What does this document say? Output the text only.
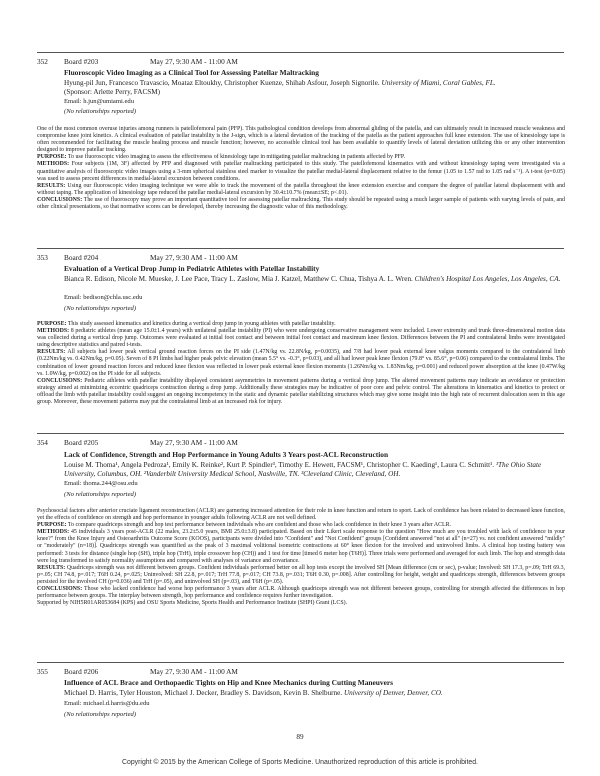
352 Board #203	May 27, 9:30 AM - 11:00 AM
Fluoroscopic Video Imaging as a Clinical Tool for Assessing Patellar Maltracking
Hyung-pil Jun, Francesco Travascio, Moataz Eltoukhy, Christopher Kuenze, Shihab Asfour, Joseph Signorile. University of Miami, Coral Gables, FL.
(Sponsor: Arlette Perry, FACSM)
Email: h.jun@umiami.edu
(No relationships reported)

One of the most common overuse injuries among runners is patellofemoral pain (PFP). This pathological condition develops from abnormal gliding of the patella, and can ultimately result in increased muscle weakness and compromise knee joint kinetics. A clinical evaluation of patellar instability is the J-sign, which is a lateral deviation of the tracking of the patella as the patient approaches full knee extension. The use of kinesiology tape is often recommended for facilitating the muscle healing process and muscle function; however, no accessible clinical tool has been available to quantify levels of lateral deviation utilizing this or any other intervention designed to improve patellar tracking.

PURPOSE: To use fluoroscopic video imaging to assess the effectiveness of kinesiology tape in mitigating patellar maltracking in patients affected by PFP.

METHODS: Four subjects (1M, 3F) affected by PFP and diagnosed with patellar maltracking participated to this study. The patellofemoral kinematics with and without kinesiology taping were investigated via a quantitative analysis of fluoroscopic video images using a 3-mm spherical stainless steel marker to visualize the patellar medial-lateral displacement relative to the femur (1.05 to 1.57 rad to 1.05 rad s⁻¹). A t-test (α=0.05) was used to assess percent differences in medial-lateral excursion between conditions.

RESULTS: Using our fluoroscopic video imaging technique we were able to track the movement of the patella throughout the knee extension exercise and compare the degree of patellar lateral displacement with and without taping. The application of kinesiology tape reduced the patellar medial-lateral excursion by 30.4±10.7% (mean±SE; p<.01).

CONCLUSIONS: The use of fluoroscopy may prove an important quantitative tool for assessing patellar maltracking. This study should be repeated using a much larger sample of patients with varying levels of pain, and other clinical presentations, so that normative scores can be developed, thereby increasing the diagnostic value of this methodology.

353 Board #204	May 27, 9:30 AM - 11:00 AM
Evaluation of a Vertical Drop Jump in Pediatric Athletes with Patellar Instability
Bianca R. Edison, Nicole M. Mueske, J. Lee Pace, Tracy L. Zaslow, Mia J. Katzel, Matthew C. Chua, Tishya A. L. Wren. Children's Hospital Los Angeles, Los Angeles, CA.
Email: bedison@chla.usc.edu
(No relationships reported)

PURPOSE: This study assessed kinematics and kinetics during a vertical drop jump in young athletes with patellar instability.

METHODS: 8 pediatric athletes (mean age 15.0±1.4 years) with unilateral patellar instability (PI) who were undergoing conservative management were included. Lower extremity and trunk three-dimensional motion data was collected during a vertical drop jump. Outcomes were evaluated at initial foot contact and between initial foot contact and maximum knee flexion. Differences between the PI and contralateral limbs were investigated using descriptive statistics and paired t-tests.

RESULTS: All subjects had lower peak vertical ground reaction forces on the PI side (1.47N/kg vs. 22.8N/kg, p=0.0035), and 7/8 had lower peak external knee valgus moments compared to the contralateral limb (0.22Nm/kg vs. 0.42Nm/kg, p=0.05). Seven of 8 PI limbs had higher peak pelvic elevation (mean 5.5° vs. -0.3°, p=0.03), and all had lower peak knee flexion (79.8° vs. 85.6°, p=0.06) compared to the contralateral limbs. The combination of lower ground reaction forces and reduced knee flexion was reflected in lower peak external knee flexion moments (1.26Nm/kg vs. 1.83Nm/kg, p=0.001) and reduced power absorption at the knee (0.47W/kg vs. 1.0W/kg, p=0.002) on the PI side for all subjects.

CONCLUSIONS: Pediatric athletes with patellar instability displayed consistent asymmetries in movement patterns during a vertical drop jump. The altered movement patterns may indicate an avoidance or protection strategy aimed at minimizing eccentric quadriceps contraction during a drop jump. Additionally these strategies may be indicative of poor core and pelvic control. The alterations in kinematics and kinetics to protect or offload the limb with patellar instability could suggest an ongoing incompetency in the static and dynamic patellar stabilizing structures which may give some insight into the high rate of recurrent dislocation seen in this age group. Moreover, these movement patterns may put the contralateral limb at an increased risk for injury.

354 Board #205	May 27, 9:30 AM - 11:00 AM
Lack of Confidence, Strength and Hop Performance in Young Adults 3 Years post-ACL Reconstruction
Louise M. Thoma¹, Angela Pedroza¹, Emily K. Reinke², Kurt P. Spindler³, Timothy E. Hewett, FACSM¹, Christopher C. Kaeding¹, Laura C. Schmitt¹. ¹The Ohio State University, Columbus, OH. ²Vanderbilt University Medical School, Nashville, TN. ³Cleveland Clinic, Cleveland, OH.
Email: thoma.244@osu.edu
(No relationships reported)

Psychosocial factors after anterior cruciate ligament reconstruction (ACLR) are garnering increased attention for their role in knee function and return to sport. Lack of confidence has been related to decreased knee function, yet the effects of confidence on strength and hop performance in younger adults following ACLR are not well defined.

PURPOSE: To compare quadriceps strength and hop test performance between individuals who are confident and those who lack confidence in their knee 3 years after ACLR.

METHODS: 45 individuals 3 years post-ACLR (22 males, 23.2±5.0 years, BMI 25.0±3.8) participated. Based on their Likert scale response to the question "How much are you troubled with lack of confidence in your knee?" from the Knee Injury and Osteoarthritis Outcome Score (KOOS), participants were divided into "Confident" and "Not Confident" groups [Confident answered "not at all" (n=27) vs. not confident answered "mildly" or "moderately" (n=18)]. Quadriceps strength was quantified as the peak of 3 maximal volitional isometric contractions at 60° knee flexion for the involved and uninvolved limbs. A clinical hop testing battery was performed: 3 tests for distance (single hop (SH), triple hop (TrH), triple crossover hop (CH)) and 1 test for time [timed 6 meter hop (T6H)]. Three trials were performed and averaged for each limb. The hop and strength data were log transformed to satisfy normality assumptions and compared with analyses of variance and covariance.

RESULTS: Quadriceps strength was not different between groups. Confident individuals performed better on all hop tests except the involved SH [Mean difference (cm or sec), p-value; Involved: SH 17.3, p=.09; TrH 69.3, p=.05; CH 74.8, p=.017; T6H 0.24, p=.025; Uninvolved: SH 22.8, p=.017; TrH 77.8, p=.017; CH 73.8, p=.031; T6H 0.30, p=.008]. After controlling for height, weight and quadriceps strength, differences between groups persisted for the involved CH (p=0.036) and TrH (p=.05), and uninvolved SH (p=.03), and T6H (p=.05).

CONCLUSIONS: Those who lacked confidence had worse hop performance 3 years after ACLR. Although quadriceps strength was not different between groups, controlling for strength affected the differences in hop performance between groups. The interplay between strength, hop performance and confidence requires further investigation.

Supported by NIH5R01AR053684 (KPS) and OSU Sports Medicine, Sports Health and Performance Institute (SHPI) Grant (LCS).

355 Board #206	May 27, 9:30 AM - 11:00 AM
Influence of ACL Brace and Orthopaedic Tights on Hip and Knee Mechanics during Cutting Maneuvers
Michael D. Harris, Tyler Houston, Michael J. Decker, Bradley S. Davidson, Kevin B. Shelburne. University of Denver, Denver, CO.
Email: michael.d.harris@du.edu
(No relationships reported)
89
Copyright © 2015 by the American College of Sports Medicine. Unauthorized reproduction of this article is prohibited.
